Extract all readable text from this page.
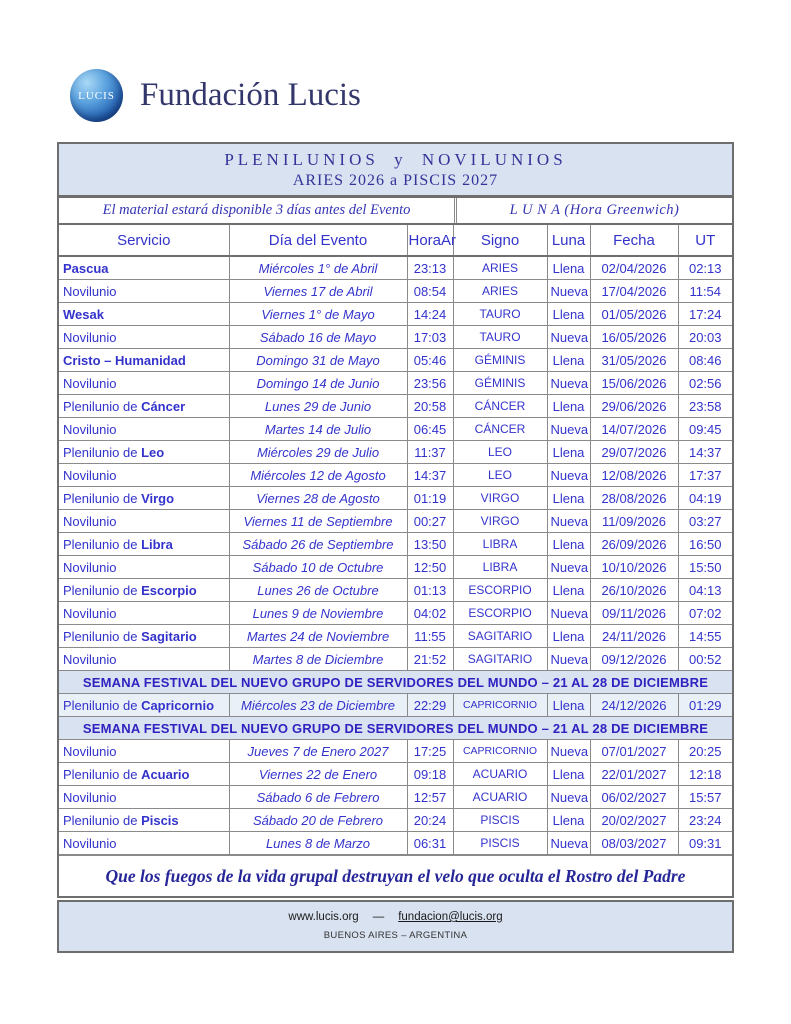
LUCIS Fundación Lucis
PLENILUNIOS y NOVILUNIOS
ARIES 2026 a PISCIS 2027
El material estará disponible 3 días antes del Evento	L U N A (Hora Greenwich)
Servicio	Día del Evento	HoraAr	Signo	Luna	Fecha	UT
Pascua	Miércoles 1° de Abril	23:13	ARIES	Llena	02/04/2026	02:13
Novilunio	Viernes 17 de Abril	08:54	ARIES	Nueva	17/04/2026	11:54
Wesak	Viernes 1° de Mayo	14:24	TAURO	Llena	01/05/2026	17:24
Novilunio	Sábado 16 de Mayo	17:03	TAURO	Nueva	16/05/2026	20:03
Cristo – Humanidad	Domingo 31 de Mayo	05:46	GÉMINIS	Llena	31/05/2026	08:46
Novilunio	Domingo 14 de Junio	23:56	GÉMINIS	Nueva	15/06/2026	02:56
Plenilunio de Cáncer	Lunes 29 de Junio	20:58	CÁNCER	Llena	29/06/2026	23:58
Novilunio	Martes 14 de Julio	06:45	CÁNCER	Nueva	14/07/2026	09:45
Plenilunio de Leo	Miércoles 29 de Julio	11:37	LEO	Llena	29/07/2026	14:37
Novilunio	Miércoles 12 de Agosto	14:37	LEO	Nueva	12/08/2026	17:37
Plenilunio de Virgo	Viernes 28 de Agosto	01:19	VIRGO	Llena	28/08/2026	04:19
Novilunio	Viernes 11 de Septiembre	00:27	VIRGO	Nueva	11/09/2026	03:27
Plenilunio de Libra	Sábado 26 de Septiembre	13:50	LIBRA	Llena	26/09/2026	16:50
Novilunio	Sábado 10 de Octubre	12:50	LIBRA	Nueva	10/10/2026	15:50
Plenilunio de Escorpio	Lunes 26 de Octubre	01:13	ESCORPIO	Llena	26/10/2026	04:13
Novilunio	Lunes 9 de Noviembre	04:02	ESCORPIO	Nueva	09/11/2026	07:02
Plenilunio de Sagitario	Martes 24 de Noviembre	11:55	SAGITARIO	Llena	24/11/2026	14:55
Novilunio	Martes 8 de Diciembre	21:52	SAGITARIO	Nueva	09/12/2026	00:52
SEMANA FESTIVAL DEL NUEVO GRUPO DE SERVIDORES DEL MUNDO – 21 AL 28 DE DICIEMBRE						
Plenilunio de Capricornio	Miércoles 23 de Diciembre	22:29	CAPRICORNIO	Llena	24/12/2026	01:29
SEMANA FESTIVAL DEL NUEVO GRUPO DE SERVIDORES DEL MUNDO – 21 AL 28 DE DICIEMBRE						
Novilunio	Jueves 7 de Enero 2027	17:25	CAPRICORNIO	Nueva	07/01/2027	20:25
Plenilunio de Acuario	Viernes 22 de Enero	09:18	ACUARIO	Llena	22/01/2027	12:18
Novilunio	Sábado 6 de Febrero	12:57	ACUARIO	Nueva	06/02/2027	15:57
Plenilunio de Piscis	Sábado 20 de Febrero	20:24	PISCIS	Llena	20/02/2027	23:24
Novilunio	Lunes 8 de Marzo	06:31	PISCIS	Nueva	08/03/2027	09:31
Que los fuegos de la vida grupal destruyan el velo que oculta el Rostro del Padre
www.lucis.org — fundacion@lucis.org
BUENOS AIRES – ARGENTINA
